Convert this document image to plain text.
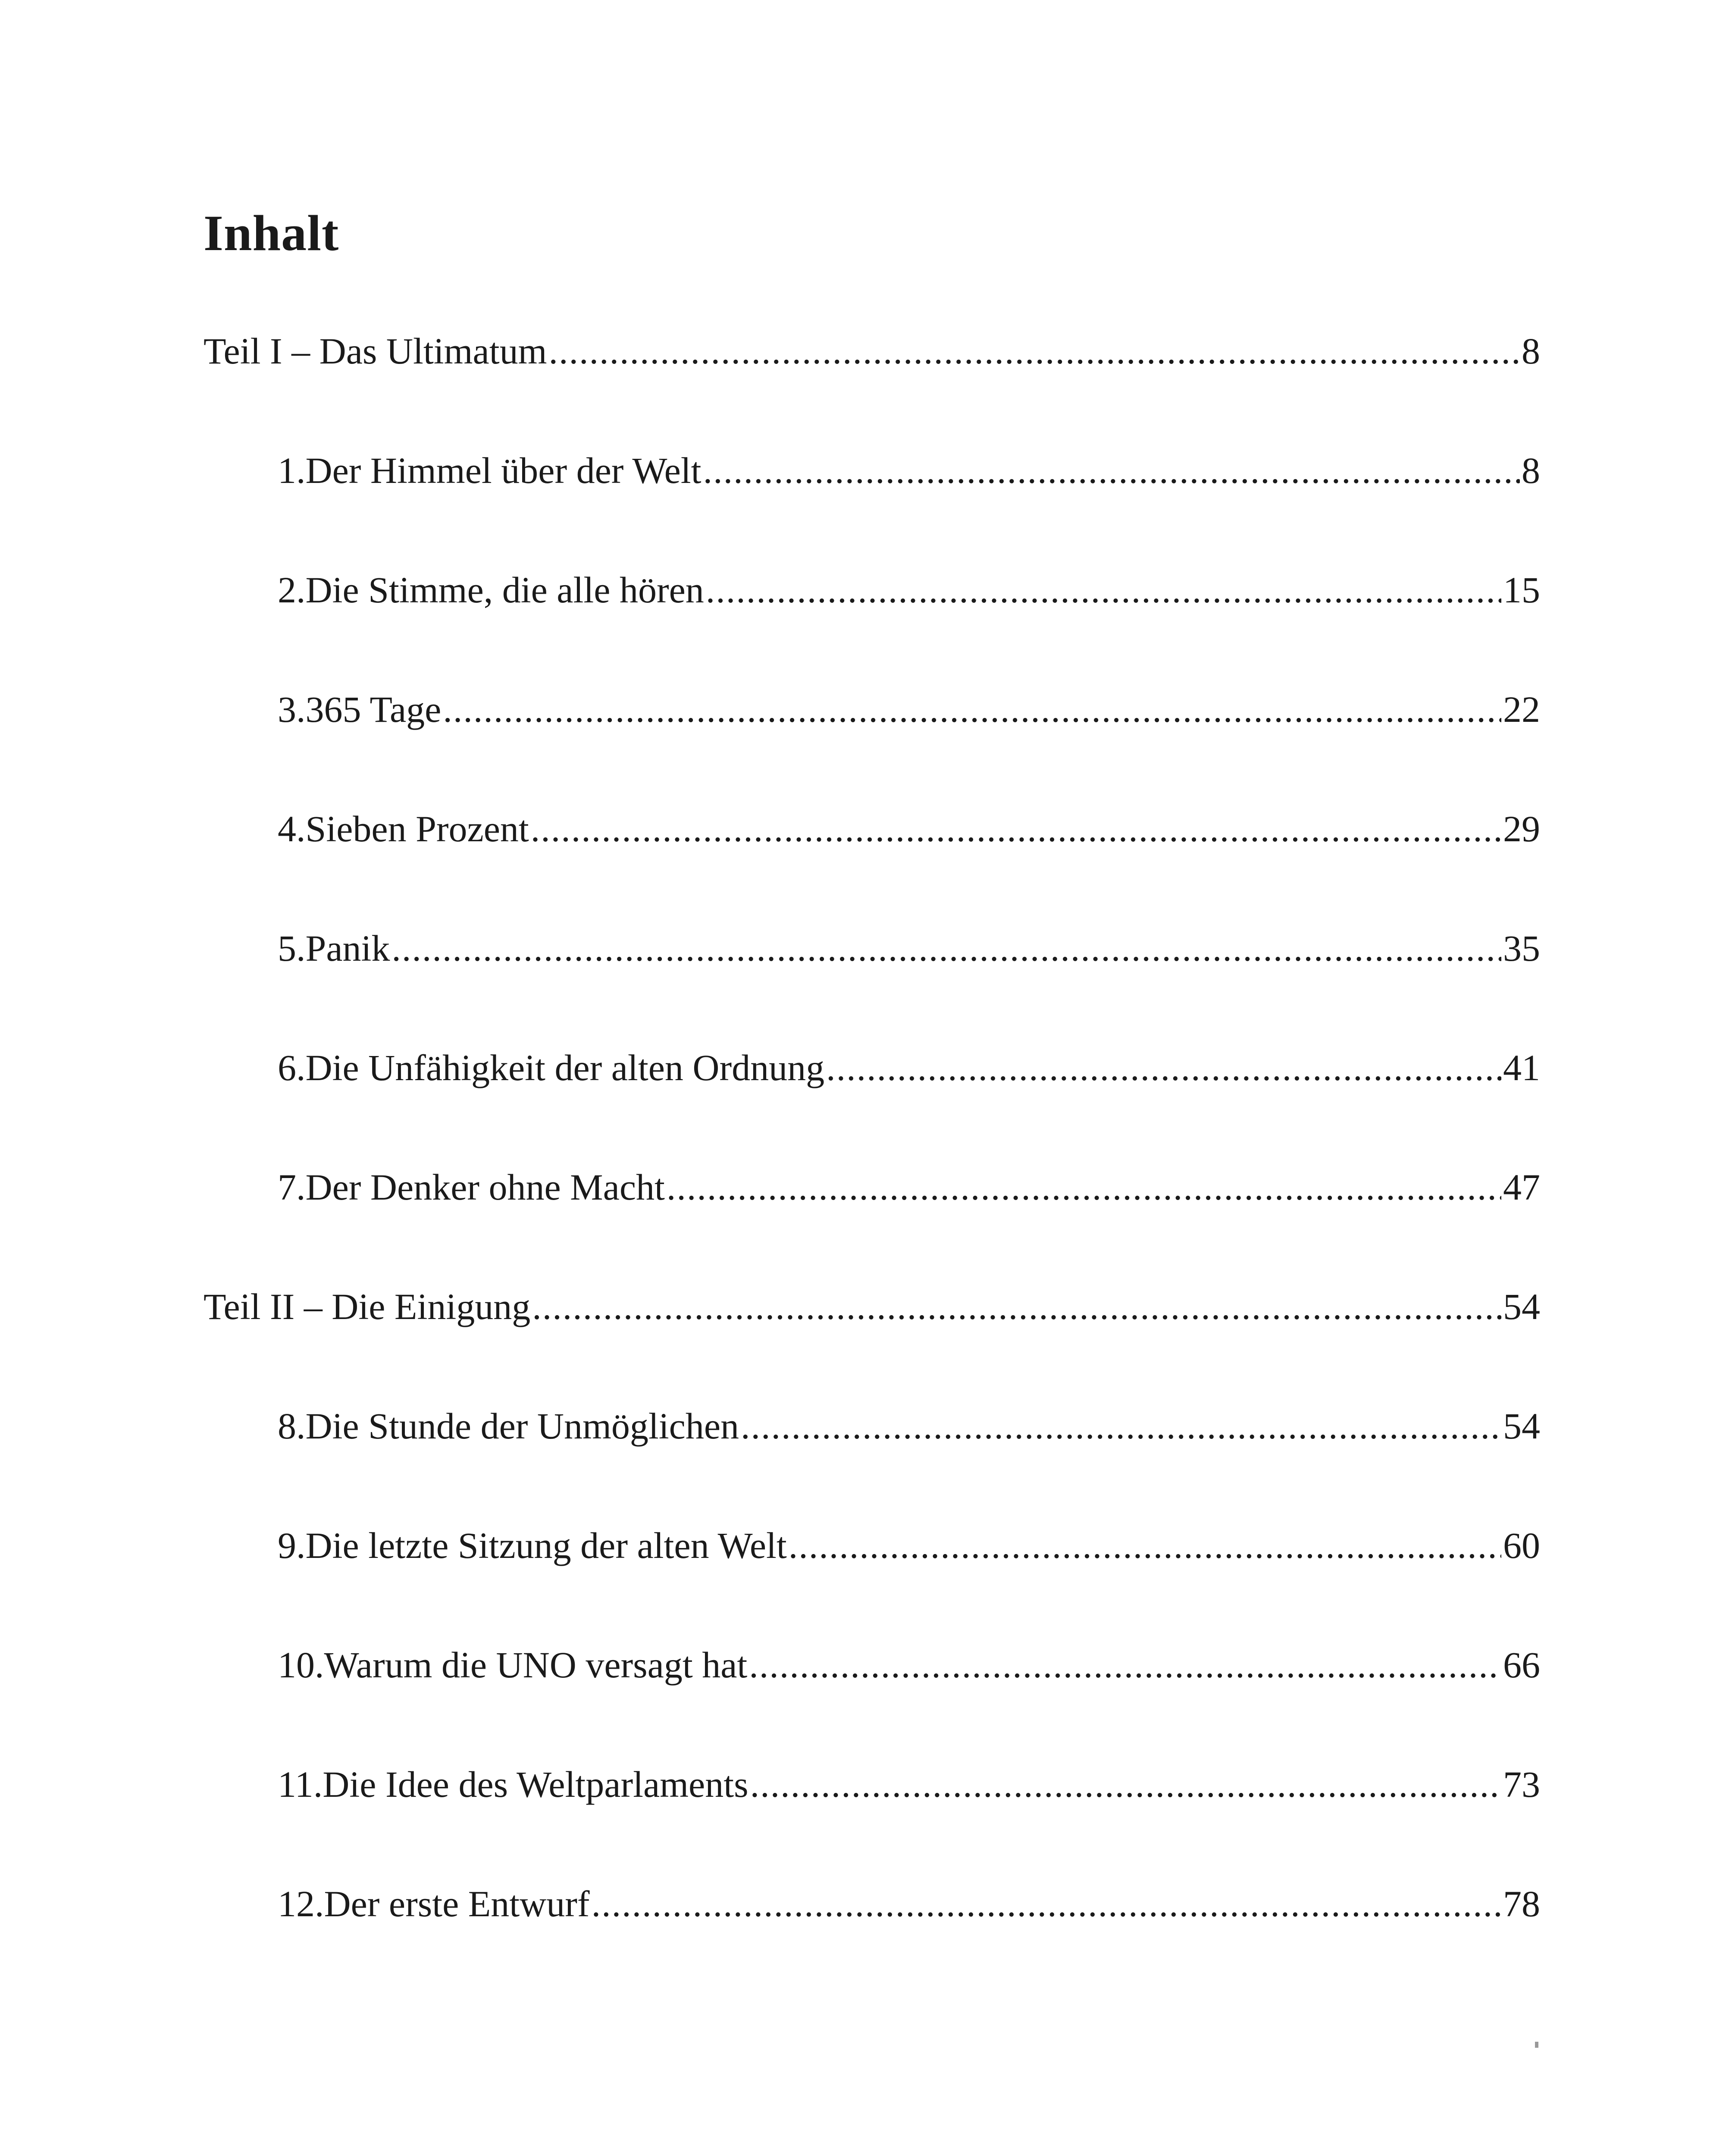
Inhalt
Teil I – Das Ultimatum .....	8
1.Der Himmel über der Welt .....	8
2.Die Stimme, die alle hören .....	15
3.365 Tage .....	22
4.Sieben Prozent .....	29
5.Panik .....	35
6.Die Unfähigkeit der alten Ordnung .....	41
7.Der Denker ohne Macht .....	47
Teil II – Die Einigung .....	54
8.Die Stunde der Unmöglichen .....	54
9.Die letzte Sitzung der alten Welt .....	60
10.Warum die UNO versagt hat .....	66
11.Die Idee des Weltparlaments .....	73
12.Der erste Entwurf .....	78
